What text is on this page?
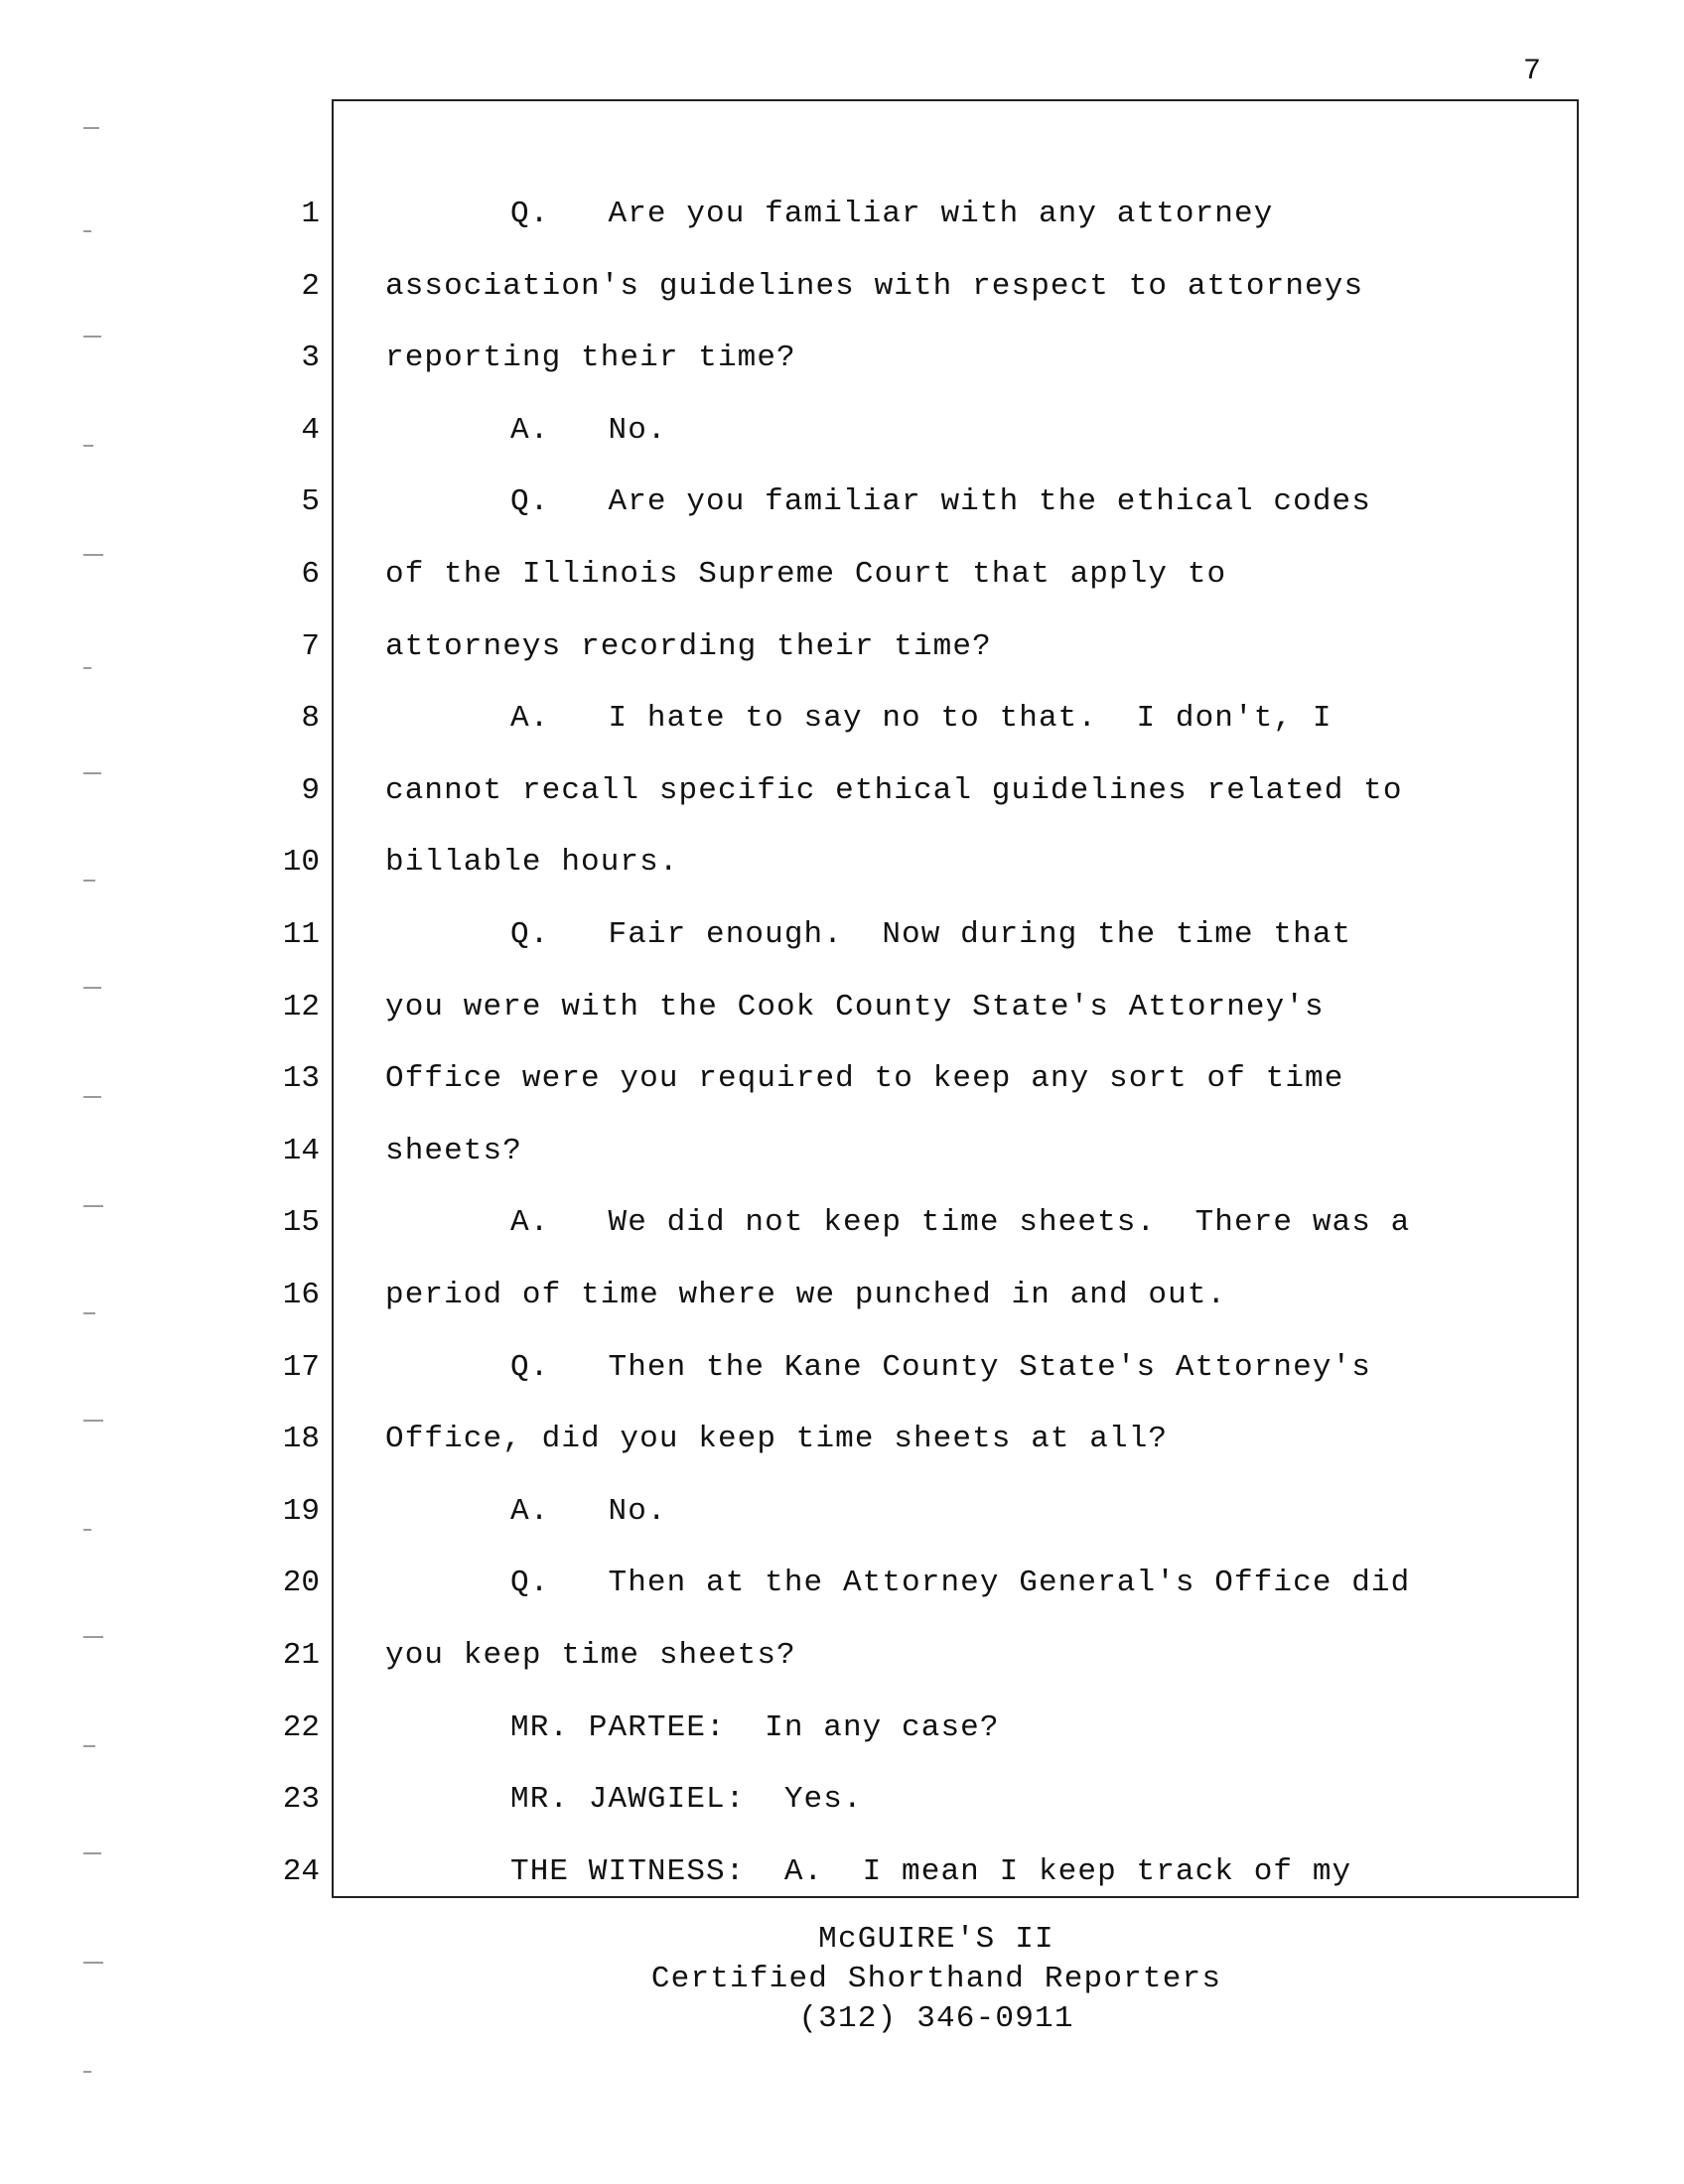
7
1
2
3
4
5
6
7
8
9
10
11
12
13
14
15
16
17
18
19
20
21
22
23
24
Q.   Are you familiar with any attorney
association's guidelines with respect to attorneys
reporting their time?
A.   No.
Q.   Are you familiar with the ethical codes
of the Illinois Supreme Court that apply to
attorneys recording their time?
A.   I hate to say no to that.  I don't, I
cannot recall specific ethical guidelines related to
billable hours.
Q.   Fair enough.  Now during the time that
you were with the Cook County State's Attorney's
Office were you required to keep any sort of time
sheets?
A.   We did not keep time sheets.  There was a
period of time where we punched in and out.
Q.   Then the Kane County State's Attorney's
Office, did you keep time sheets at all?
A.   No.
Q.   Then at the Attorney General's Office did
you keep time sheets?
MR. PARTEE:  In any case?
MR. JAWGIEL:  Yes.
THE WITNESS:  A.  I mean I keep track of my
McGUIRE'S II
Certified Shorthand Reporters
(312) 346-0911
